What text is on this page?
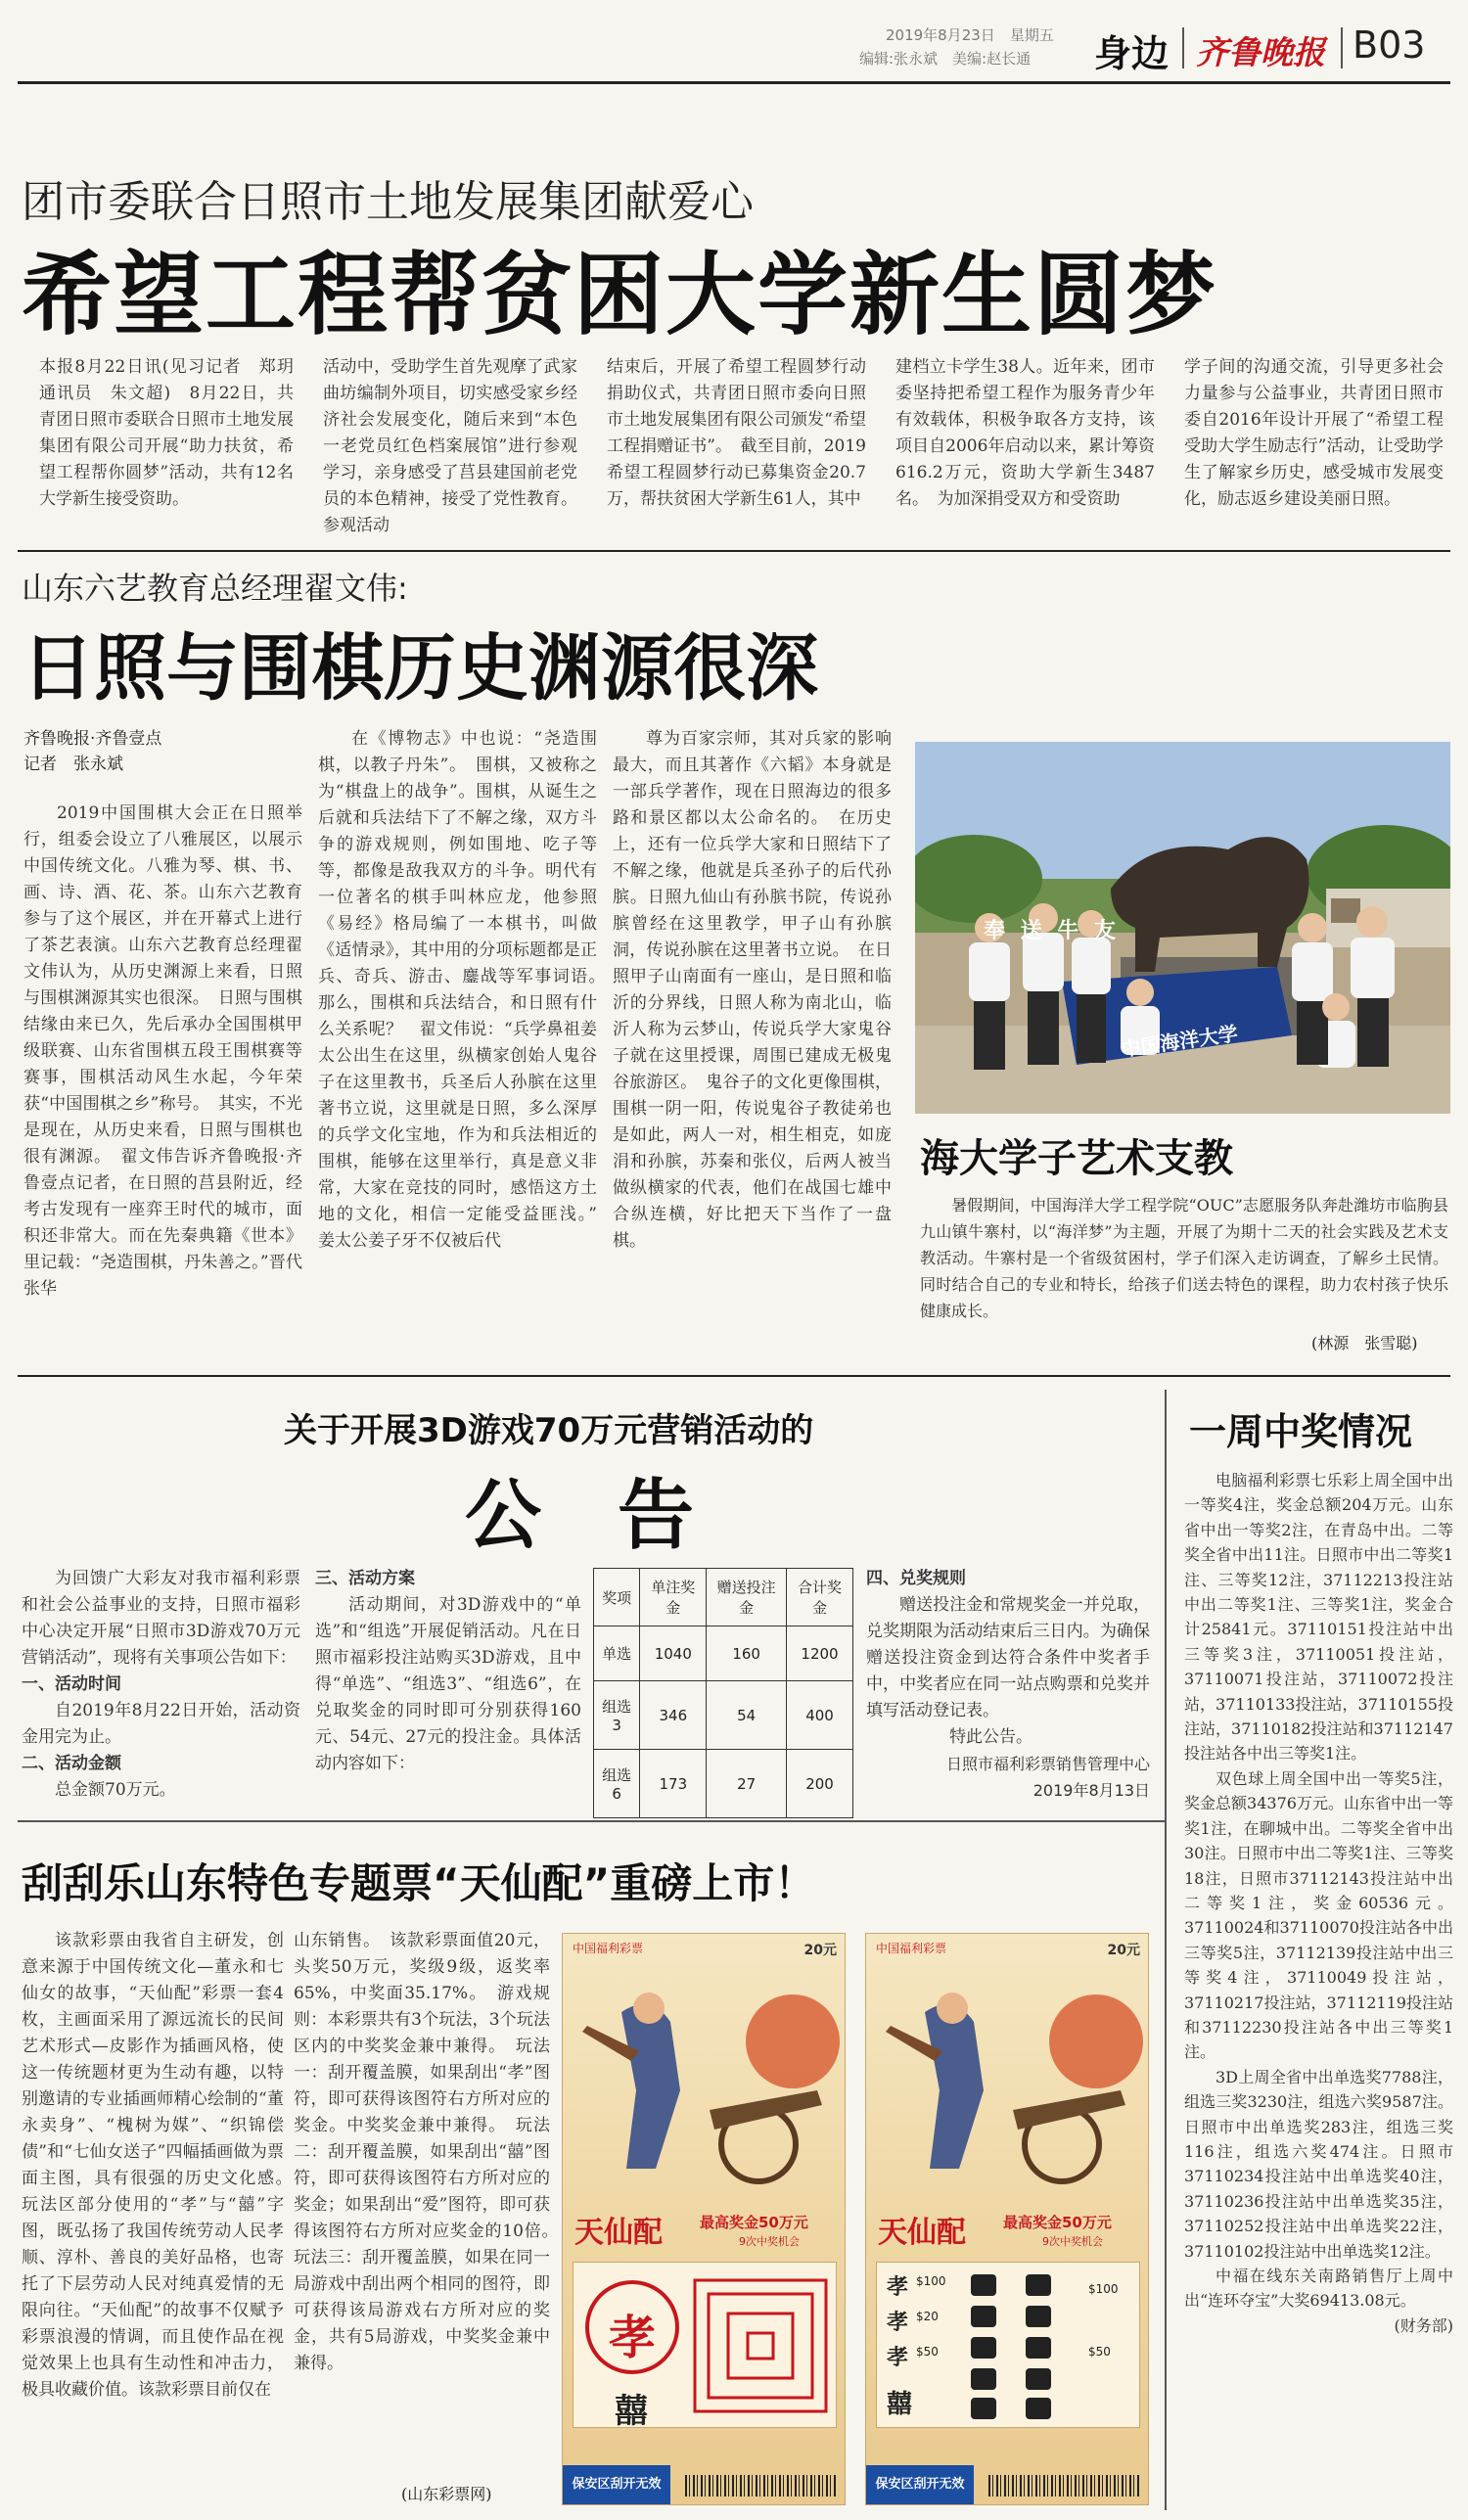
2019年8月23日　 星期五
编辑:张永斌　美编:赵长通 身边 齐鲁晚报 B03
团市委联合日照市土地发展集团献爱心
希望工程帮贫困大学新生圆梦
本报8月22日讯(见习记者　郑玥　通讯员　朱文超)　8月22日，共青团日照市委联合日照市土地发展集团有限公司开展“助力扶贫，希望工程帮你圆梦”活动，共有12名大学新生接受资助。
活动中，受助学生首先观摩了武家曲坊编制外项目，切实感受家乡经济社会发展变化，随后来到“本色一老党员红色档案展馆”进行参观学习，亲身感受了莒县建国前老党员的本色精神，接受了党性教育。参观活动
结束后，开展了希望工程圆梦行动捐助仪式，共青团日照市委向日照市土地发展集团有限公司颁发“希望工程捐赠证书”。　截至目前，2019希望工程圆梦行动已募集资金20.7万，帮扶贫困大学新生61人，其中
建档立卡学生38人。近年来，团市委坚持把希望工程作为服务青少年有效载体，积极争取各方支持，该项目自2006年启动以来，累计筹资616.2万元，资助大学新生3487名。　为加深捐受双方和受资助
学子间的沟通交流，引导更多社会力量参与公益事业，共青团日照市委自2016年设计开展了“希望工程　受助大学生励志行”活动，让受助学生了解家乡历史，感受城市发展变化，励志返乡建设美丽日照。
山东六艺教育总经理翟文伟:
日照与围棋历史渊源很深
齐鲁晚报·齐鲁壹点
记者　张永斌
2019中国围棋大会正在日照举行，组委会设立了八雅展区，以展示中国传统文化。八雅为琴、棋、书、画、诗、酒、花、茶。山东六艺教育参与了这个展区，并在开幕式上进行了茶艺表演。山东六艺教育总经理翟文伟认为，从历史渊源上来看，日照与围棋渊源其实也很深。　日照与围棋结缘由来已久，先后承办全国围棋甲级联赛、山东省围棋五段王围棋赛等赛事，围棋活动风生水起，今年荣获“中国围棋之乡”称号。　其实，不光是现在，从历史来看，日照与围棋也很有渊源。　翟文伟告诉齐鲁晚报·齐鲁壹点记者，在日照的莒县附近，经考古发现有一座弈王时代的城市，面积还非常大。而在先秦典籍《世本》里记载：“尧造围棋，丹朱善之。”晋代张华
在《博物志》中也说：“尧造围棋，以教子丹朱”。　围棋，又被称之为“棋盘上的战争”。围棋，从诞生之后就和兵法结下了不解之缘，双方斗争的游戏规则，例如围地、吃子等等，都像是敌我双方的斗争。明代有一位著名的棋手叫林应龙，他参照《易经》格局编了一本棋书，叫做《适情录》，其中用的分项标题都是正兵、奇兵、游击、鏖战等军事词语。　那么，围棋和兵法结合，和日照有什么关系呢？　翟文伟说：“兵学鼻祖姜太公出生在这里，纵横家创始人鬼谷子在这里教书，兵圣后人孙膑在这里著书立说，这里就是日照，多么深厚的兵学文化宝地，作为和兵法相近的围棋，能够在这里举行，真是意义非常，大家在竞技的同时，感悟这方土地的文化，相信一定能受益匪浅。”　姜太公姜子牙不仅被后代
尊为百家宗师，其对兵家的影响最大，而且其著作《六韬》本身就是一部兵学著作，现在日照海边的很多路和景区都以太公命名的。　在历史上，还有一位兵学大家和日照结下了不解之缘，他就是兵圣孙子的后代孙膑。日照九仙山有孙膑书院，传说孙膑曾经在这里教学，甲子山有孙膑洞，传说孙膑在这里著书立说。　在日照甲子山南面有一座山，是日照和临沂的分界线，日照人称为南北山，临沂人称为云梦山，传说兵学大家鬼谷子就在这里授课，周围已建成无极鬼谷旅游区。　鬼谷子的文化更像围棋，围棋一阴一阳，传说鬼谷子教徒弟也是如此，两人一对，相生相克，如庞涓和孙膑，苏秦和张仪，后两人被当做纵横家的代表，他们在战国七雄中合纵连横，好比把天下当作了一盘棋。
奉 送 牛 友
中国海洋大学
海大学子艺术支教
暑假期间，中国海洋大学工程学院“OUC”志愿服务队奔赴潍坊市临朐县九山镇牛寨村，以“海洋梦”为主题，开展了为期十二天的社会实践及艺术支教活动。牛寨村是一个省级贫困村，学子们深入走访调查，了解乡土民情。同时结合自己的专业和特长，给孩子们送去特色的课程，助力农村孩子快乐健康成长。
(林源　张雪聪)
关于开展3D游戏70万元营销活动的
公　告
为回馈广大彩友对我市福利彩票和社会公益事业的支持，日照市福彩中心决定开展“日照市3D游戏70万元营销活动”，现将有关事项公告如下：
一、活动时间
自2019年8月22日开始，活动资金用完为止。
二、活动金额
总金额70万元。
三、活动方案
活动期间，对3D游戏中的“单选”和“组选”开展促销活动。凡在日照市福彩投注站购买3D游戏，且中得“单选”、“组选3”、“组选6”，在兑取奖金的同时即可分别获得160元、54元、27元的投注金。具体活动内容如下：
奖项	单注奖金	赠送投注金	合计奖金
单选	1040	160	1200
组选3	346	54	400
组选6	173	27	200
四、兑奖规则
赠送投注金和常规奖金一并兑取，兑奖期限为活动结束后三日内。为确保赠送投注资金到达符合条件中奖者手中，中奖者应在同一站点购票和兑奖并填写活动登记表。
特此公告。
日照市福利彩票销售管理中心
2019年8月13日
一周中奖情况
电脑福利彩票七乐彩上周全国中出一等奖4注，奖金总额204万元。山东省中出一等奖2注，在青岛中出。二等奖全省中出11注。日照市中出二等奖1注、三等奖12注，37112213投注站中出二等奖1注、三等奖1注，奖金合计25841元。37110151投注站中出三等奖3注，37110051投注站，37110071投注站，37110072投注站，37110133投注站，37110155投注站，37110182投注站和37112147投注站各中出三等奖1注。
双色球上周全国中出一等奖5注，奖金总额34376万元。山东省中出一等奖1注，在聊城中出。二等奖全省中出30注。日照市中出二等奖1注、三等奖18注，日照市37112143投注站中出二等奖1注，奖金60536元。37110024和37110070投注站各中出三等奖5注，37112139投注站中出三等奖4注，37110049投注站，37110217投注站，37112119投注站和37112230投注站各中出三等奖1注。
3D上周全省中出单选奖7788注，组选三奖3230注，组选六奖9587注。日照市中出单选奖283注，组选三奖116注，组选六奖474注。日照市37110234投注站中出单选奖40注，37110236投注站中出单选奖35注，37110252投注站中出单选奖22注，37110102投注站中出单选奖12注。
中福在线东关南路销售厅上周中出“连环夺宝”大奖69413.08元。
(财务部)
刮刮乐山东特色专题票“天仙配”重磅上市！
该款彩票由我省自主研发，创意来源于中国传统文化—董永和七仙女的故事，“天仙配”彩票一套4枚，主画面采用了源远流长的民间艺术形式—皮影作为插画风格，使这一传统题材更为生动有趣，以特别邀请的专业插画师精心绘制的“董永卖身”、“槐树为媒”、“织锦偿债”和“七仙女送子”四幅插画做为票面主图，具有很强的历史文化感。　玩法区部分使用的“孝”与“囍”字图，既弘扬了我国传统劳动人民孝顺、淳朴、善良的美好品格，也寄托了下层劳动人民对纯真爱情的无限向往。“天仙配”的故事不仅赋予彩票浪漫的情调，而且使作品在视觉效果上也具有生动性和冲击力，极具收藏价值。该款彩票目前仅在
山东销售。　该款彩票面值20元，头奖50万元，奖级9级，返奖率65%，中奖面35.17%。　游戏规则：本彩票共有3个玩法，3个玩法区内的中奖奖金兼中兼得。　玩法一：刮开覆盖膜，如果刮出“孝”图符，即可获得该图符右方所对应的奖金。中奖奖金兼中兼得。　玩法二：刮开覆盖膜，如果刮出“囍”图符，即可获得该图符右方所对应的奖金；如果刮出“爱”图符，即可获得该图符右方所对应奖金的10倍。　玩法三：刮开覆盖膜，如果在同一局游戏中刮出两个相同的图符，即可获得该局游戏右方所对应的奖金，共有5局游戏，中奖奖金兼中兼得。
(山东彩票网)
中国福利彩票	20元
天仙配	最高奖金50万元
9次中奖机会
孝
囍
保安区刮开无效
中国福利彩票	20元
天仙配	最高奖金50万元
9次中奖机会
孝 $100
孝 $20
孝 $50
囍
$100
$50
保安区刮开无效
